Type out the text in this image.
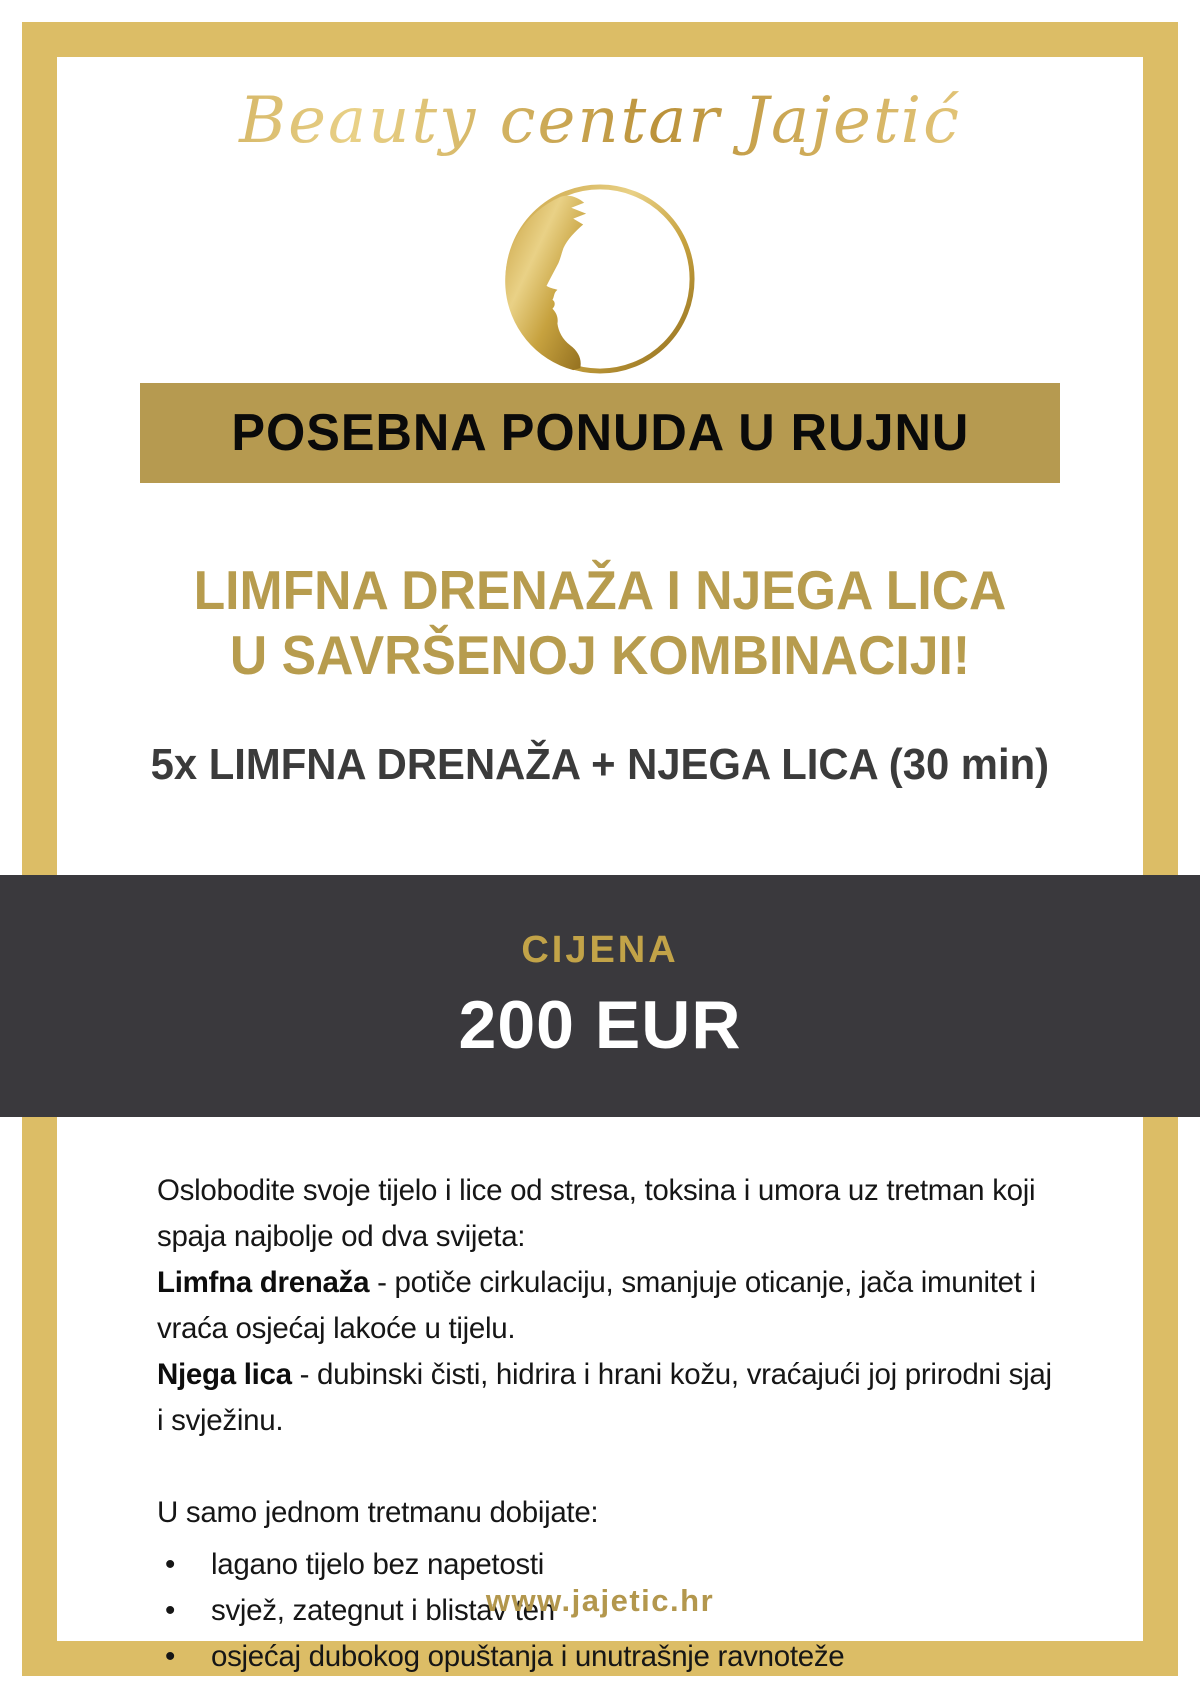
Beauty centar Jajetić
POSEBNA PONUDA U RUJNU
LIMFNA DRENAŽA I NJEGA LICA
U SAVRŠENOJ KOMBINACIJI!
5x LIMFNA DRENAŽA + NJEGA LICA (30 min)

Oslobodite svoje tijelo i lice od stresa, toksina i umora uz tretman koji spaja najbolje od dva svijeta:

Limfna drenaža - potiče cirkulaciju, smanjuje oticanje, jača imunitet i vraća osjećaj lakoće u tijelu.

Njega lica - dubinski čisti, hidrira i hrani kožu, vraćajući joj prirodni sjaj i svježinu.

U samo jednom tretmanu dobijate:

•	lagano tijelo bez napetosti
•	svjež, zategnut i blistav ten
•	osjećaj dubokog opuštanja i unutrašnje ravnoteže
www.jajetic.hr
CIJENA
200 EUR
